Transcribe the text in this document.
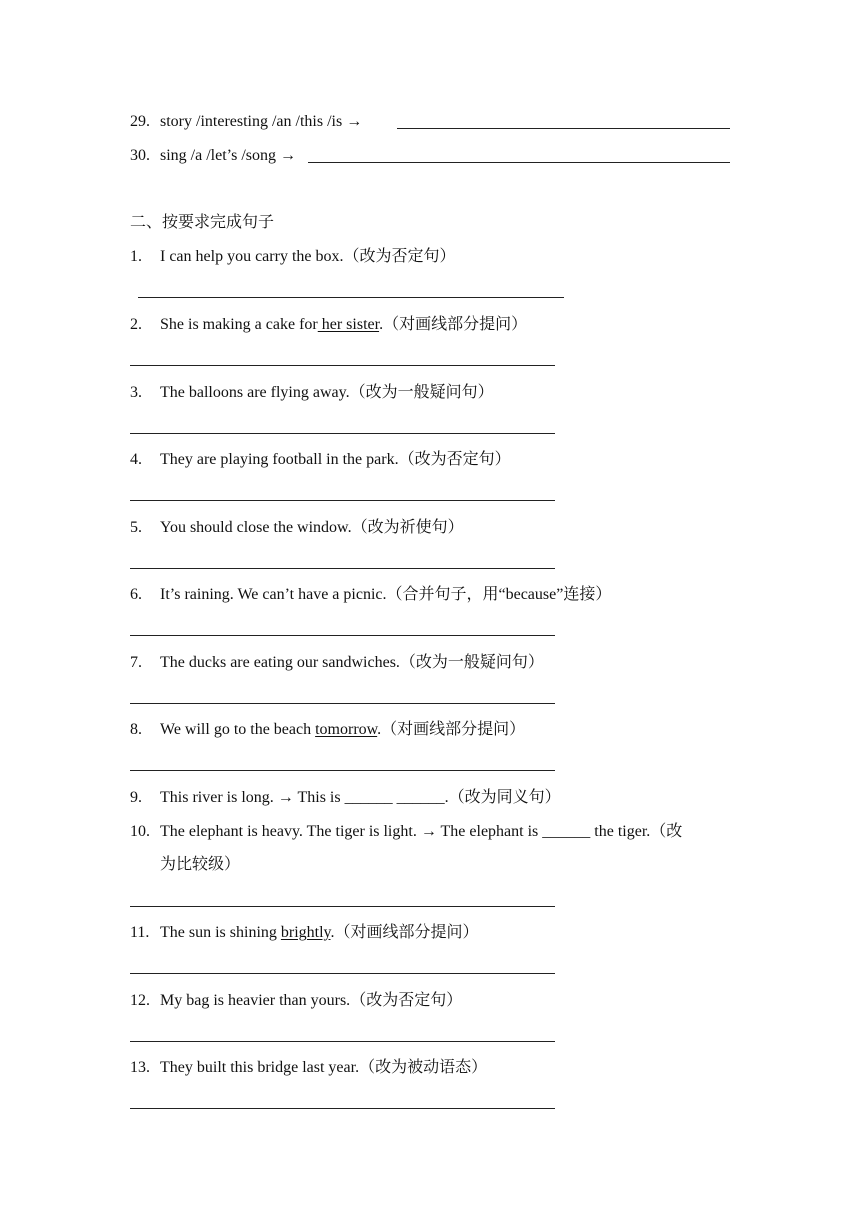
29. story /interesting /an /this /is →
30. sing /a /let’s /song →
二、按要求完成句子
1. I can help you carry the box.（改为否定句）
2. She is making a cake for her sister.（对画线部分提问）
3. The balloons are flying away.（改为一般疑问句）
4. They are playing football in the park.（改为否定句）
5. You should close the window.（改为祈使句）
6. It’s raining. We can’t have a picnic.（合并句子，用“because”连接）
7. The ducks are eating our sandwiches.（改为一般疑问句）
8. We will go to the beach tomorrow.（对画线部分提问）
9. This river is long. → This is ______ ______.（改为同义句）
10. The elephant is heavy. The tiger is light. → The elephant is ______ the tiger.（改
为比较级）
11. The sun is shining brightly.（对画线部分提问）
12. My bag is heavier than yours.（改为否定句）
13. They built this bridge last year.（改为被动语态）
